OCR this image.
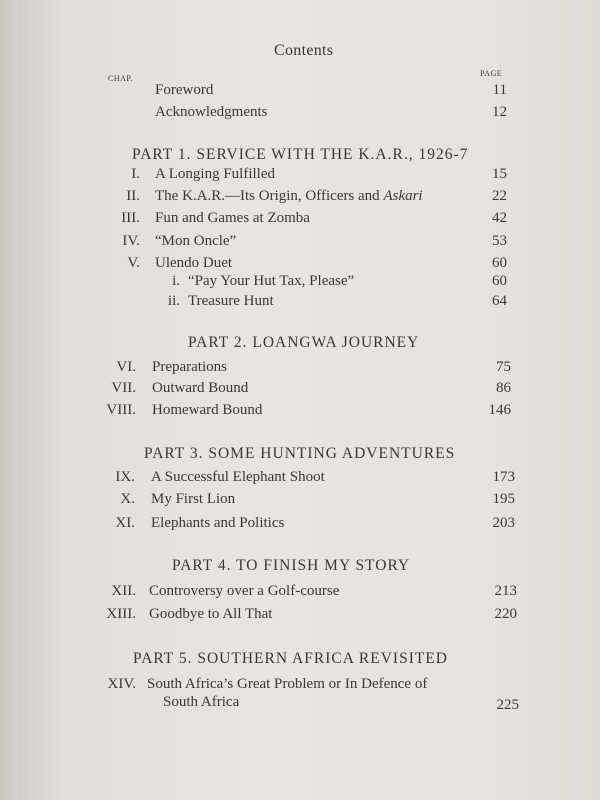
Contents
CHAP.
PAGE
Foreword	11
Acknowledgments	12
PART 1. SERVICE WITH THE K.A.R., 1926-7
I. A Longing Fulfilled	15
II. The K.A.R.—Its Origin, Officers and Askari	22
III. Fun and Games at Zomba	42
IV. “Mon Oncle”	53
V. Ulendo Duet	60
i. “Pay Your Hut Tax, Please”	60
ii. Treasure Hunt	64
PART 2. LOANGWA JOURNEY
VI. Preparations	75
VII. Outward Bound	86
VIII. Homeward Bound	146
PART 3. SOME HUNTING ADVENTURES
IX. A Successful Elephant Shoot	173
X. My First Lion	195
XI. Elephants and Politics	203
PART 4. TO FINISH MY STORY
XII. Controversy over a Golf-course	213
XIII. Goodbye to All That	220
PART 5. SOUTHERN AFRICA REVISITED
XIV. South Africa’s Great Problem or In Defence of
South Africa	225
